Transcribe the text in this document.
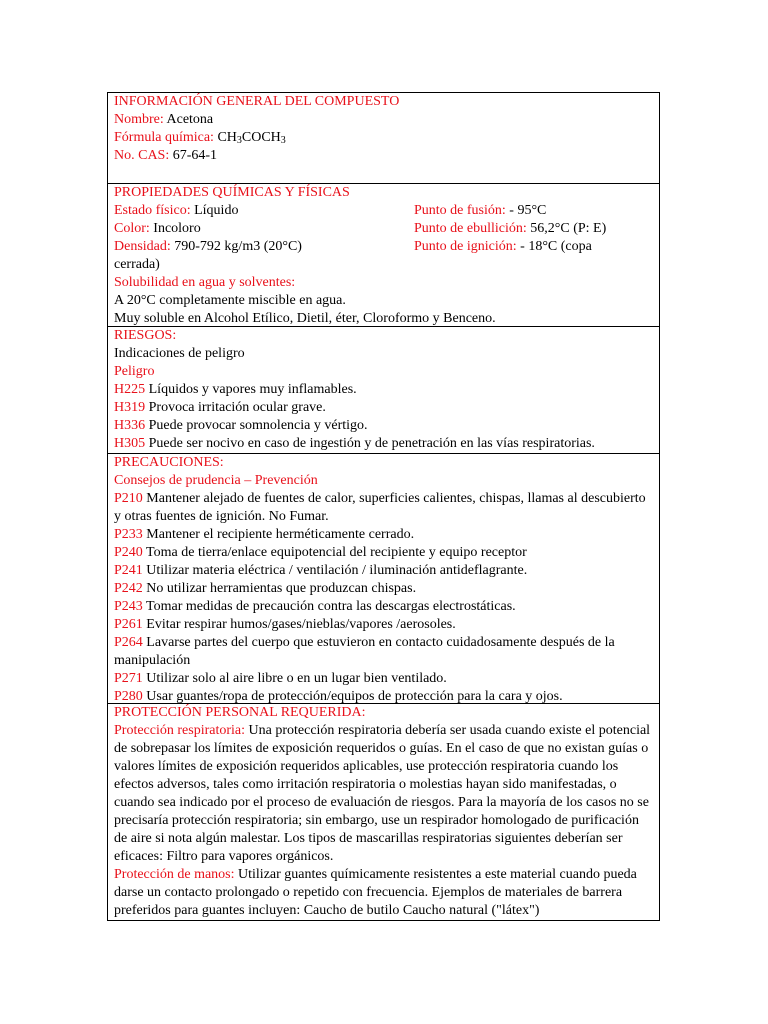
INFORMACIÓN GENERAL DEL COMPUESTO
Nombre: Acetona
Fórmula química: $CH_3COCH_3$
No. CAS: 67-64-1
PROPIEDADES QUÍMICAS Y FÍSICAS
Estado físico: Líquido	Punto de fusión: - 95°C
Color: Incoloro	Punto de ebullición: 56,2°C (P: E)
Densidad: 790-792 kg/m3 (20°C)	Punto de ignición: - 18°C (copa
cerrada)
Solubilidad en agua y solventes:
A 20°C completamente miscible en agua.
Muy soluble en Alcohol Etílico, Dietil, éter, Cloroformo y Benceno.
RIESGOS:
Indicaciones de peligro
Peligro
H225 Líquidos y vapores muy inflamables.
H319 Provoca irritación ocular grave.
H336 Puede provocar somnolencia y vértigo.
H305 Puede ser nocivo en caso de ingestión y de penetración en las vías respiratorias.
PRECAUCIONES:
Consejos de prudencia – Prevención
P210 Mantener alejado de fuentes de calor, superficies calientes, chispas, llamas al descubierto y otras fuentes de ignición. No Fumar.
P233 Mantener el recipiente herméticamente cerrado.
P240 Toma de tierra/enlace equipotencial del recipiente y equipo receptor
P241 Utilizar materia eléctrica / ventilación / iluminación antideflagrante.
P242 No utilizar herramientas que produzcan chispas.
P243 Tomar medidas de precaución contra las descargas electrostáticas.
P261 Evitar respirar humos/gases/nieblas/vapores /aerosoles.
P264 Lavarse partes del cuerpo que estuvieron en contacto cuidadosamente después de la manipulación
P271 Utilizar solo al aire libre o en un lugar bien ventilado.
P280 Usar guantes/ropa de protección/equipos de protección para la cara y ojos.
PROTECCIÓN PERSONAL REQUERIDA:
Protección respiratoria: Una protección respiratoria debería ser usada cuando existe el potencial de sobrepasar los límites de exposición requeridos o guías. En el caso de que no existan guías o valores límites de exposición requeridos aplicables, use protección respiratoria cuando los efectos adversos, tales como irritación respiratoria o molestias hayan sido manifestadas, o cuando sea indicado por el proceso de evaluación de riesgos. Para la mayoría de los casos no se precisaría protección respiratoria; sin embargo, use un respirador homologado de purificación de aire si nota algún malestar. Los tipos de mascarillas respiratorias siguientes deberían ser eficaces: Filtro para vapores orgánicos.
Protección de manos: Utilizar guantes químicamente resistentes a este material cuando pueda darse un contacto prolongado o repetido con frecuencia. Ejemplos de materiales de barrera preferidos para guantes incluyen: Caucho de butilo Caucho natural ("látex")
